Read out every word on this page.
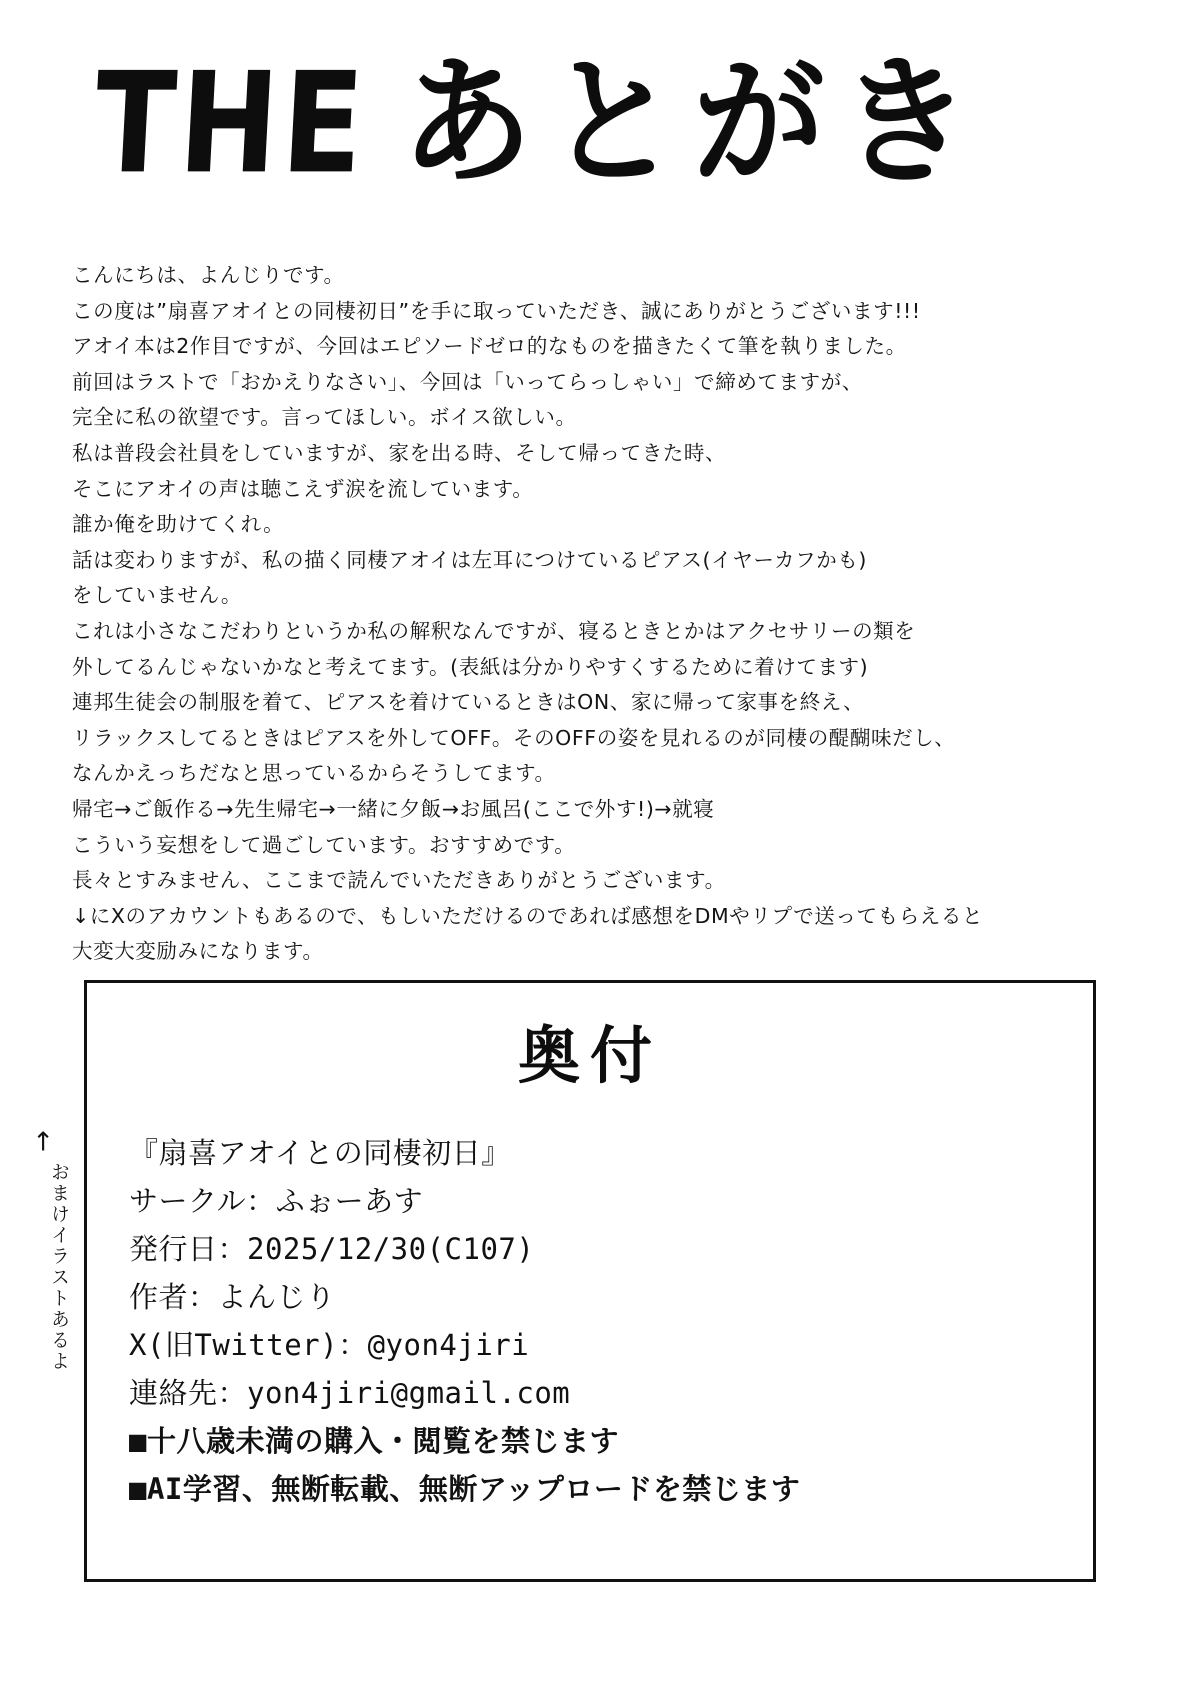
THE あとがき

こんにちは、よんじりです。

この度は”扇喜アオイとの同棲初日”を手に取っていただき、誠にありがとうございます!!!

アオイ本は2作目ですが、今回はエピソードゼロ的なものを描きたくて筆を執りました。

前回はラストで「おかえりなさい」、今回は「いってらっしゃい」で締めてますが、

完全に私の欲望です。言ってほしい。ボイス欲しい。

私は普段会社員をしていますが、家を出る時、そして帰ってきた時、

そこにアオイの声は聴こえず涙を流しています。

誰か俺を助けてくれ。

話は変わりますが、私の描く同棲アオイは左耳につけているピアス(イヤーカフかも)

をしていません。

これは小さなこだわりというか私の解釈なんですが、寝るときとかはアクセサリーの類を

外してるんじゃないかなと考えてます。(表紙は分かりやすくするために着けてます)

連邦生徒会の制服を着て、ピアスを着けているときはON、家に帰って家事を終え、

リラックスしてるときはピアスを外してOFF。そのOFFの姿を見れるのが同棲の醍醐味だし、

なんかえっちだなと思っているからそうしてます。

帰宅→ご飯作る→先生帰宅→一緒に夕飯→お風呂(ここで外す!)→就寝

こういう妄想をして過ごしています。おすすめです。

長々とすみません、ここまで読んでいただきありがとうございます。

↓にXのアカウントもあるので、もしいただけるのであれば感想をDMやリプで送ってもらえると

大変大変励みになります。

奥付
『扇喜アオイとの同棲初日』
サークル：ふぉーあす
発行日：2025/12/30(C107)
作者：よんじり
X(旧Twitter)：@yon4jiri
連絡先：yon4jiri@gmail.com
■十八歳未満の購入・閲覧を禁じます
■AI学習、無断転載、無断アップロードを禁じます
←
おまけイラストあるよ
